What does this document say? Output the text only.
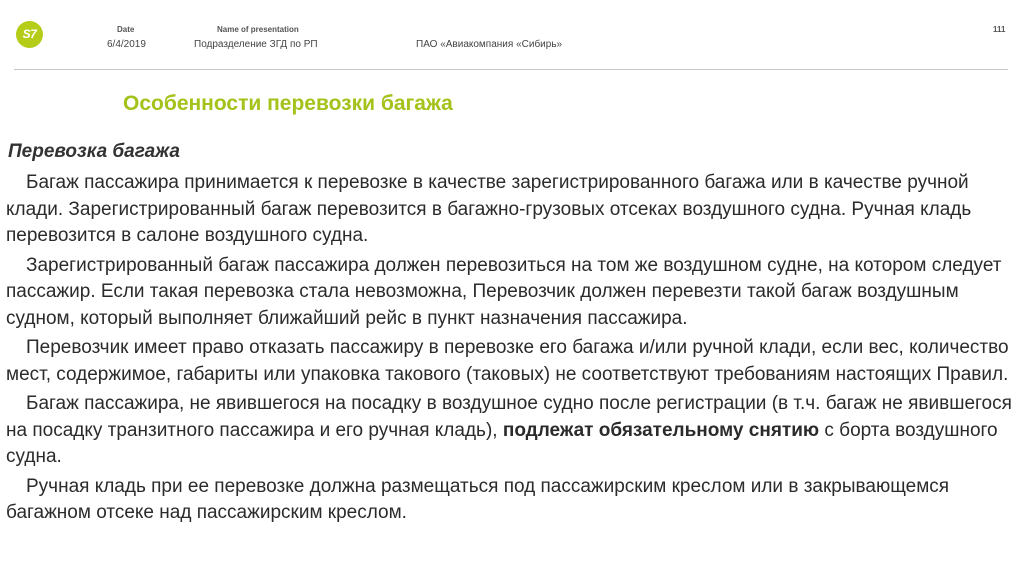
S7	Date
6/4/2019
Name of presentation
Подразделение ЗГД по РП	ПАО «Авиакомпания «Сибирь»
111
Особенности перевозки багажа
Перевозка багажа

Багаж пассажира принимается к перевозке в качестве зарегистрированного багажа или в качестве ручной клади. Зарегистрированный багаж перевозится в багажно-грузовых отсеках воздушного судна. Ручная кладь перевозится в салоне воздушного судна.

Зарегистрированный багаж пассажира должен перевозиться на том же воздушном судне, на котором следует пассажир. Если такая перевозка стала невозможна, Перевозчик должен перевезти такой багаж воздушным судном, который выполняет ближайший рейс в пункт назначения пассажира.

Перевозчик имеет право отказать пассажиру в перевозке его багажа и/или ручной клади, если вес, количество мест, содержимое, габариты или упаковка такового (таковых) не соответствуют требованиям настоящих Правил.

Багаж пассажира, не явившегося на посадку в воздушное судно после регистрации (в т.ч. багаж не явившегося на посадку транзитного пассажира и его ручная кладь), подлежат обязательному снятию с борта воздушного судна.

Ручная кладь при ее перевозке должна размещаться под пассажирским креслом или в закрывающемся багажном отсеке над пассажирским креслом.
